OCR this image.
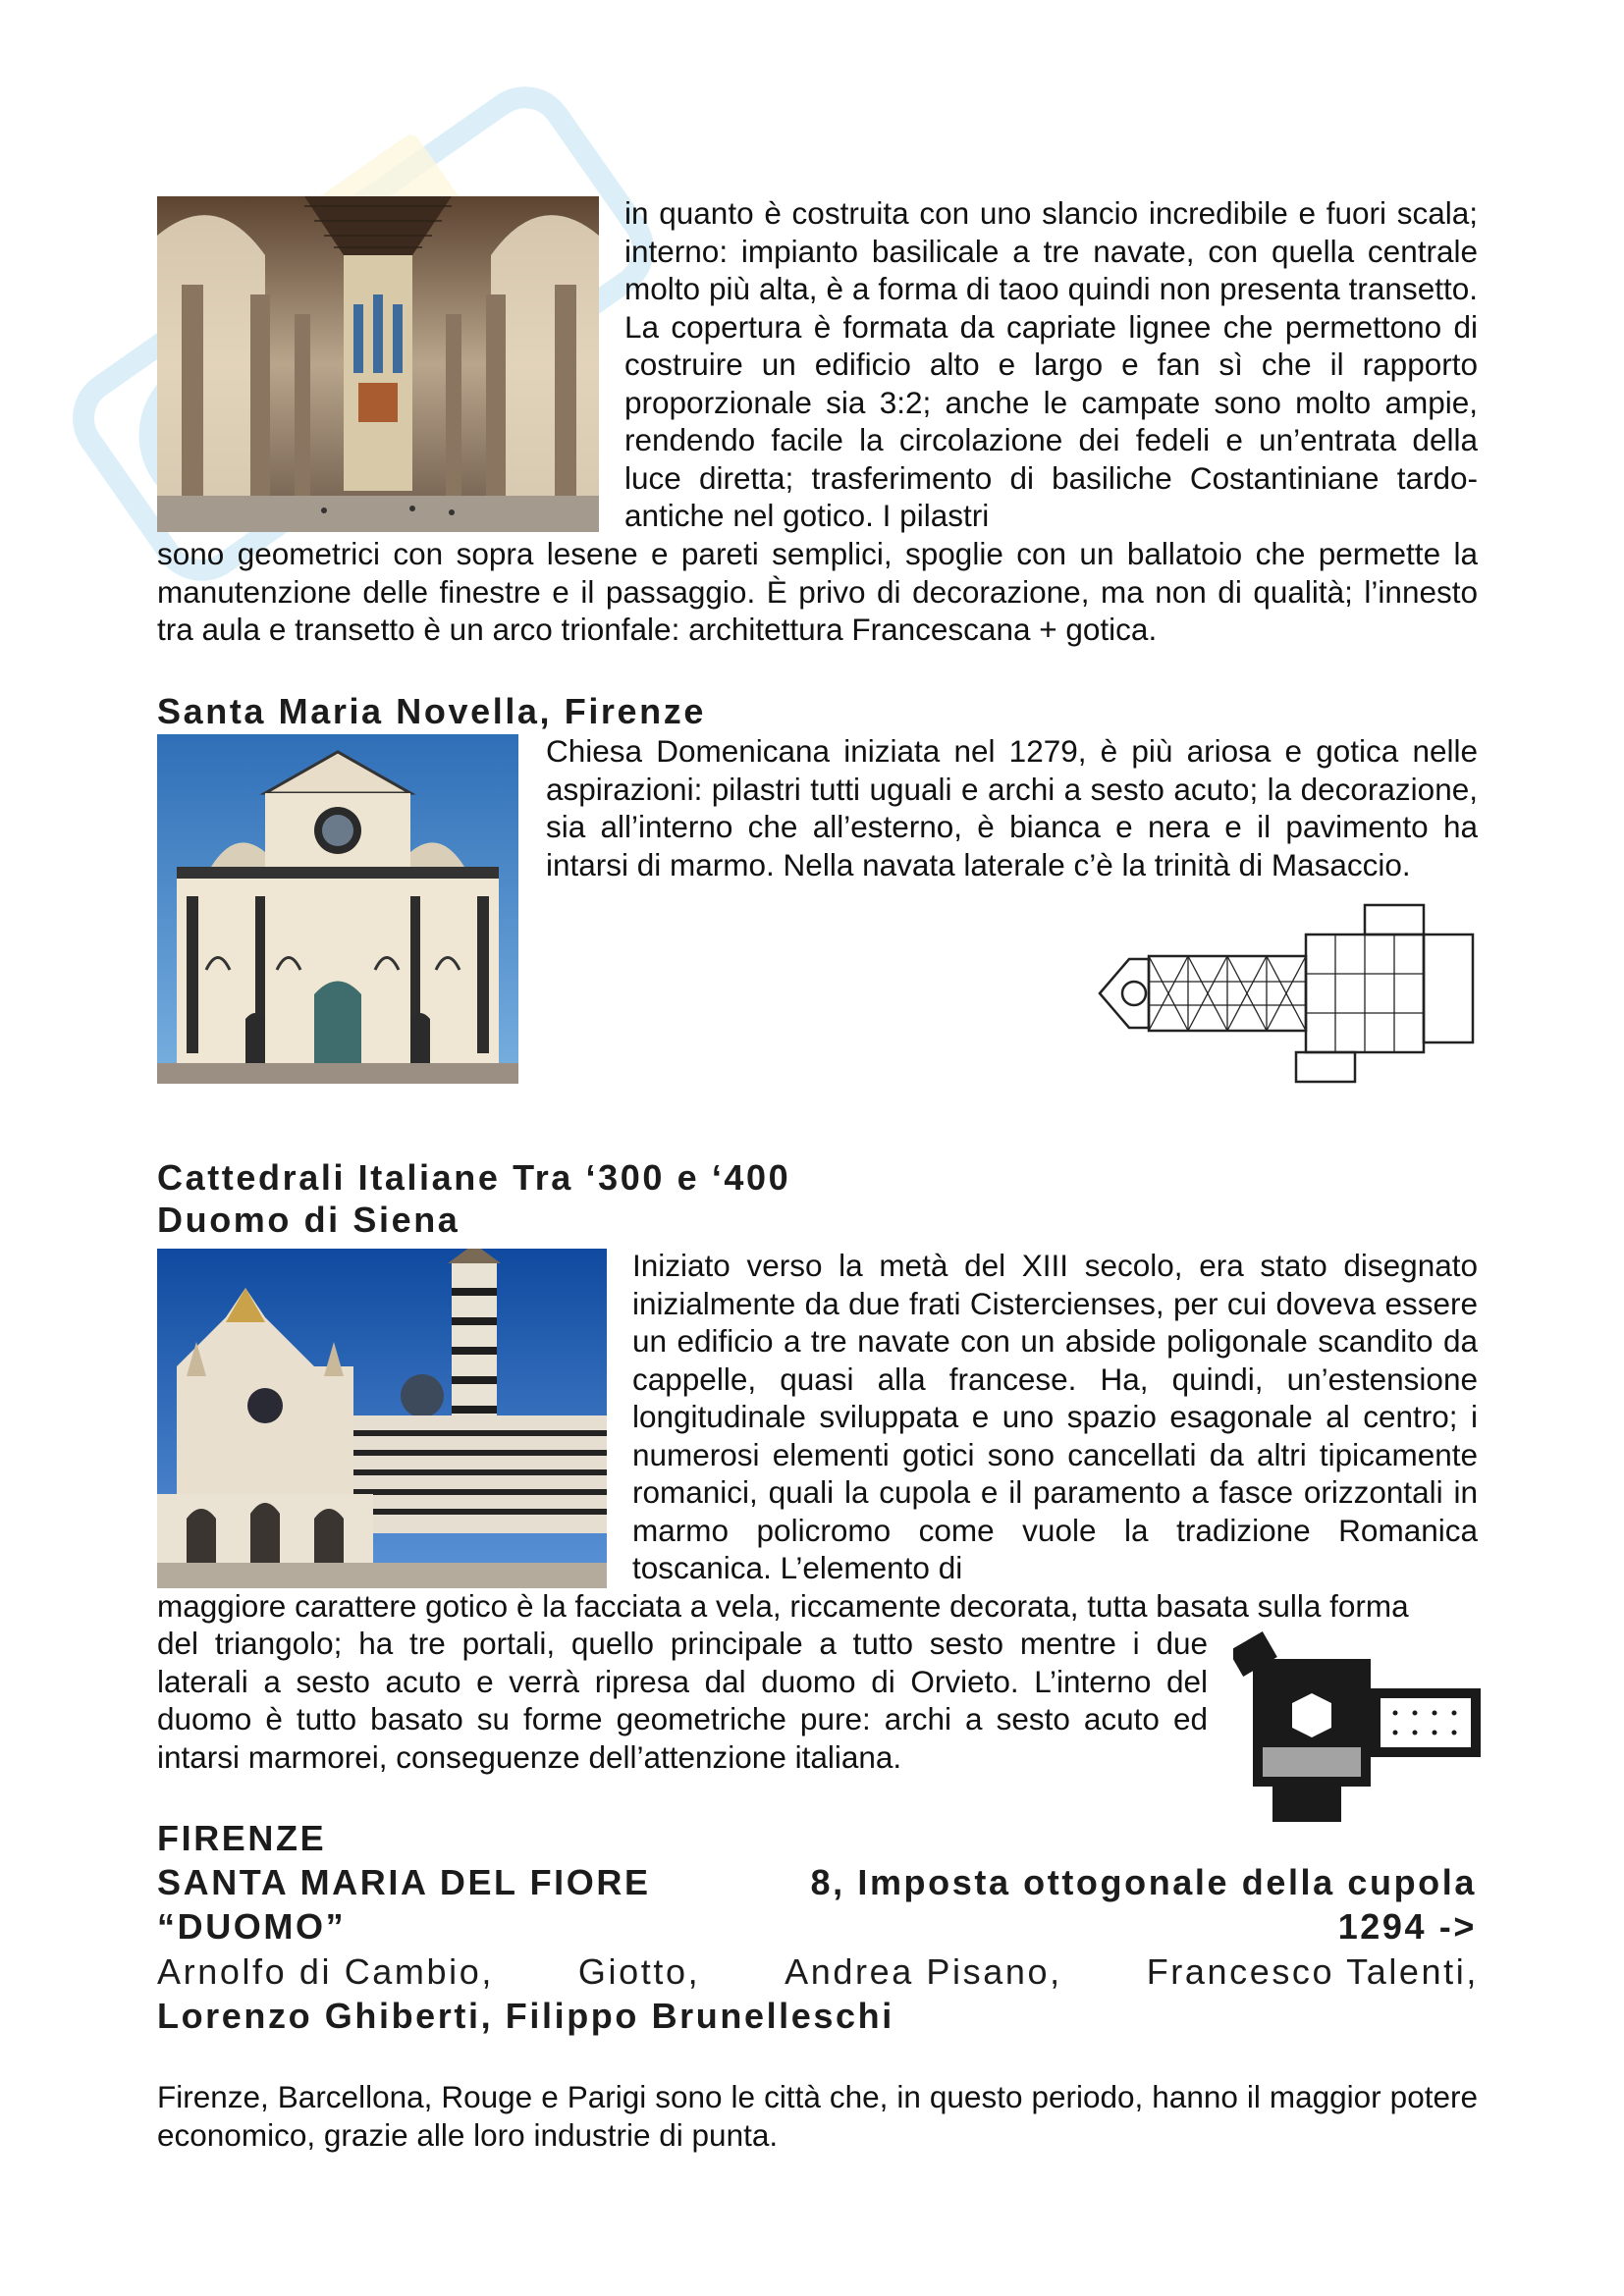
in quanto è costruita con uno slancio incredibile e fuori scala; interno: impianto basilicale a tre navate, con quella centrale molto più alta, è a forma di taoo quindi non presenta transetto. La copertura è formata da capriate lignee che permettono di costruire un edificio alto e largo e fan sì che il rapporto proporzionale sia 3:2; anche le campate sono molto ampie, rendendo facile la circolazione dei fedeli e un’entrata della luce diretta; trasferimento di basiliche Costantiniane tardo-antiche nel gotico. I pilastri

sono geometrici con sopra lesene e pareti semplici, spoglie con un ballatoio che permette la manutenzione delle finestre e il passaggio. È privo di decorazione, ma non di qualità; l’innesto tra aula e transetto è un arco trionfale: architettura Francescana + gotica.

Santa Maria Novella, Firenze

Chiesa Domenicana iniziata nel 1279, è più ariosa e gotica nelle aspirazioni: pilastri tutti uguali e archi a sesto acuto; la decorazione, sia all’interno che all’esterno, è bianca e nera e il pavimento ha intarsi di marmo. Nella navata laterale c’è la trinità di Masaccio.

Cattedrali Italiane Tra ‘300 e ‘400
Duomo di Siena

Iniziato verso la metà del XIII secolo, era stato disegnato inizialmente da due frati Cistercienses, per cui doveva essere un edificio a tre navate con un abside poligonale scandito da cappelle, quasi alla francese. Ha, quindi, un’estensione longitudinale sviluppata e uno spazio esagonale al centro; i numerosi elementi gotici sono cancellati da altri tipicamente romanici, quali la cupola e il paramento a fasce orizzontali in marmo policromo come vuole la tradizione Romanica toscanica. L’elemento di

maggiore carattere gotico è la facciata a vela, riccamente decorata, tutta basata sulla forma

del triangolo; ha tre portali, quello principale a tutto sesto mentre i due laterali a sesto acuto e verrà ripresa dal duomo di Orvieto. L’interno del duomo è tutto basato su forme geometriche pure: archi a sesto acuto ed intarsi marmorei, conseguenze dell’attenzione italiana.

FIRENZE
SANTA MARIA DEL FIORE	8, Imposta ottogonale della cupola
“DUOMO”	1294 ->
Arnolfo di Cambio, Giotto, Andrea Pisano, Francesco Talenti,
Lorenzo Ghiberti, Filippo Brunelleschi

Firenze, Barcellona, Rouge e Parigi sono le città che, in questo periodo, hanno il maggior potere economico, grazie alle loro industrie di punta.
